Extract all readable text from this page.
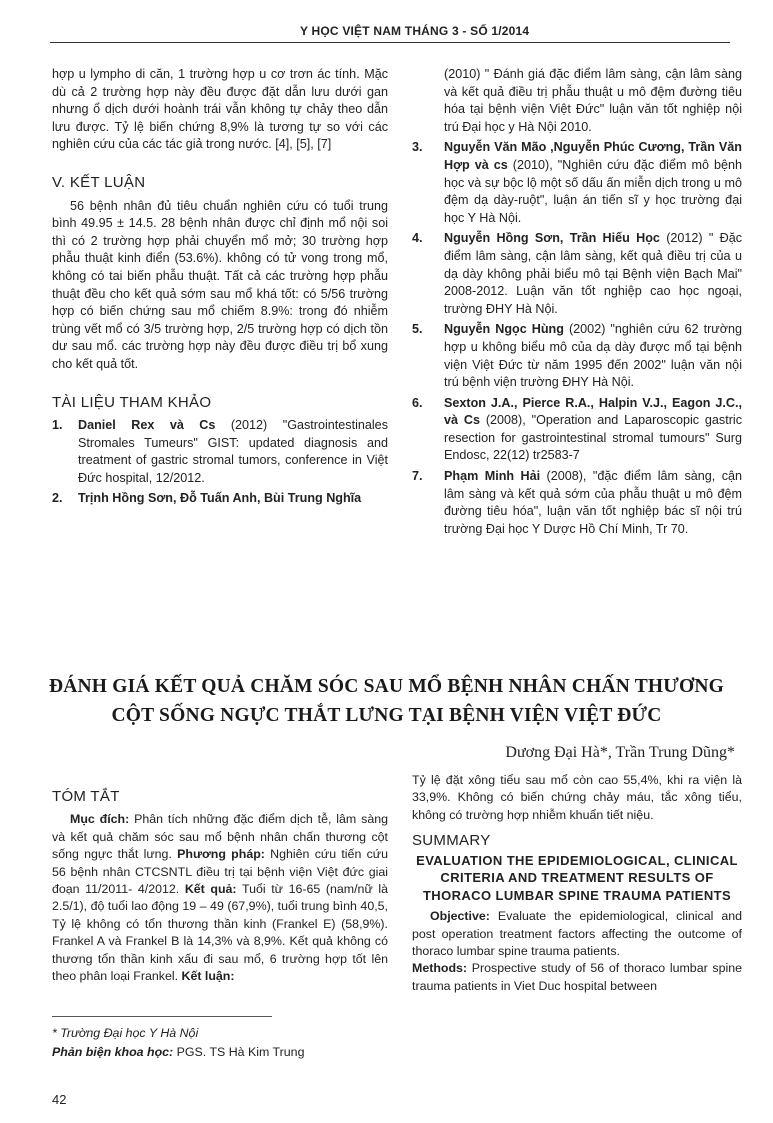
Y HỌC VIỆT NAM THÁNG 3 - SỐ 1/2014

hợp u lympho di căn, 1 trường hợp u cơ trơn ác tính. Mặc dù cả 2 trường hợp này đều được đặt dẫn lưu dưới gan nhưng ổ dịch dưới hoành trái vẫn không tự chảy theo dẫn lưu được. Tỷ lệ biến chứng 8,9% là tương tự so với các nghiên cứu của các tác giả trong nước. [4], [5], [7]

V. KẾT LUẬN

56 bệnh nhân đủ tiêu chuẩn nghiên cứu có tuổi trung bình 49.95 ± 14.5. 28 bệnh nhân được chỉ định mổ nội soi thì có 2 trường hợp phải chuyển mổ mở; 30 trường hợp phẫu thuật kinh điển (53.6%). không có tử vong trong mổ, không có tai biến phẫu thuật. Tất cả các trường hợp phẫu thuật đều cho kết quả sớm sau mổ khá tốt: có 5/56 trường hợp có biến chứng sau mổ chiếm 8.9%: trong đó nhiễm trùng vết mổ có 3/5 trường hợp, 2/5 trường hợp có dịch tồn dư sau mổ. các trường hợp này đều được điều trị bổ xung cho kết quả tốt.

TÀI LIỆU THAM KHẢO
1. Daniel Rex và Cs (2012) "Gastrointestinales Stromales Tumeurs" GIST: updated diagnosis and treatment of gastric stromal tumors, conference in Việt Đức hospital, 12/2012.
2. Trịnh Hồng Sơn, Đỗ Tuấn Anh, Bùi Trung Nghĩa
(2010) " Đánh giá đặc điểm lâm sàng, cận lâm sàng và kết quả điều trị phẫu thuật u mô đệm đường tiêu hóa tại bệnh viện Việt Đức" luận văn tốt nghiệp nội trú Đại học y Hà Nội 2010.
3. Nguyễn Văn Mão ,Nguyễn Phúc Cương, Trần Văn Hợp và cs (2010), "Nghiên cứu đặc điểm mô bệnh học và sự bộc lộ một số dấu ấn miễn dịch trong u mô đệm dạ dày-ruột", luận án tiến sĩ y học trường đại học Y Hà Nội.
4. Nguyễn Hồng Sơn, Trần Hiếu Học (2012) " Đặc điểm lâm sàng, cận lâm sàng, kết quả điều trị của u dạ dày không phải biểu mô tại Bệnh viện Bạch Mai" 2008-2012. Luận văn tốt nghiệp cao học ngoại, trường ĐHY Hà Nội.
5. Nguyễn Ngọc Hùng (2002) "nghiên cứu 62 trường hợp u không biểu mô của dạ dày được mổ tại bệnh viện Việt Đức từ năm 1995 đến 2002" luận văn nội trú bệnh viện trường ĐHY Hà Nội.
6. Sexton J.A., Pierce R.A., Halpin V.J., Eagon J.C., và Cs (2008), "Operation and Laparoscopic gastric resection for gastrointestinal stromal tumours" Surg Endosc, 22(12) tr2583-7
7. Phạm Minh Hải (2008), "đặc điểm lâm sàng, cận lâm sàng và kết quả sớm của phẫu thuật u mô đệm đường tiêu hóa", luận văn tốt nghiệp bác sĩ nội trú trường Đại học Y Dược Hồ Chí Minh, Tr 70.
ĐÁNH GIÁ KẾT QUẢ CHĂM SÓC SAU MỔ BỆNH NHÂN CHẤN THƯƠNG
CỘT SỐNG NGỰC THẮT LƯNG TẠI BỆNH VIỆN VIỆT ĐỨC
Dương Đại Hà*, Trần Trung Dũng*
TÓM TẮT

Mục đích: Phân tích những đặc điểm dịch tễ, lâm sàng và kết quả chăm sóc sau mổ bệnh nhân chấn thương cột sống ngực thắt lưng. Phương pháp: Nghiên cứu tiến cứu 56 bệnh nhân CTCSNTL điều trị tại bệnh viện Việt đức giai đoạn 11/2011- 4/2012. Kết quả: Tuổi từ 16-65 (nam/nữ là 2.5/1), độ tuổi lao động 19 – 49 (67,9%), tuổi trung bình 40,5, Tỷ lệ không có tổn thương thần kinh (Frankel E) (58,9%). Frankel A và Frankel B là 14,3% và 8,9%. Kết quả không có thương tổn thần kinh xấu đi sau mổ, 6 trường hợp tốt lên theo phân loại Frankel. Kết luận:

Tỷ lệ đặt xông tiểu sau mổ còn cao 55,4%, khi ra viện là 33,9%. Không có biến chứng chảy máu, tắc xông tiểu, không có trường hợp nhiễm khuẩn tiết niệu.

SUMMARY
EVALUATION THE EPIDEMIOLOGICAL, CLINICAL CRITERIA AND TREATMENT RESULTS OF THORACO LUMBAR SPINE TRAUMA PATIENTS

Objective: Evaluate the epidemiological, clinical and post operation treatment factors affecting the outcome of thoraco lumbar spine trauma patients.

Methods: Prospective study of 56 of thoraco lumbar spine trauma patients in Viet Duc hospital between

* Trường Đại học Y Hà Nội
Phản biện khoa học: PGS. TS Hà Kim Trung
42
